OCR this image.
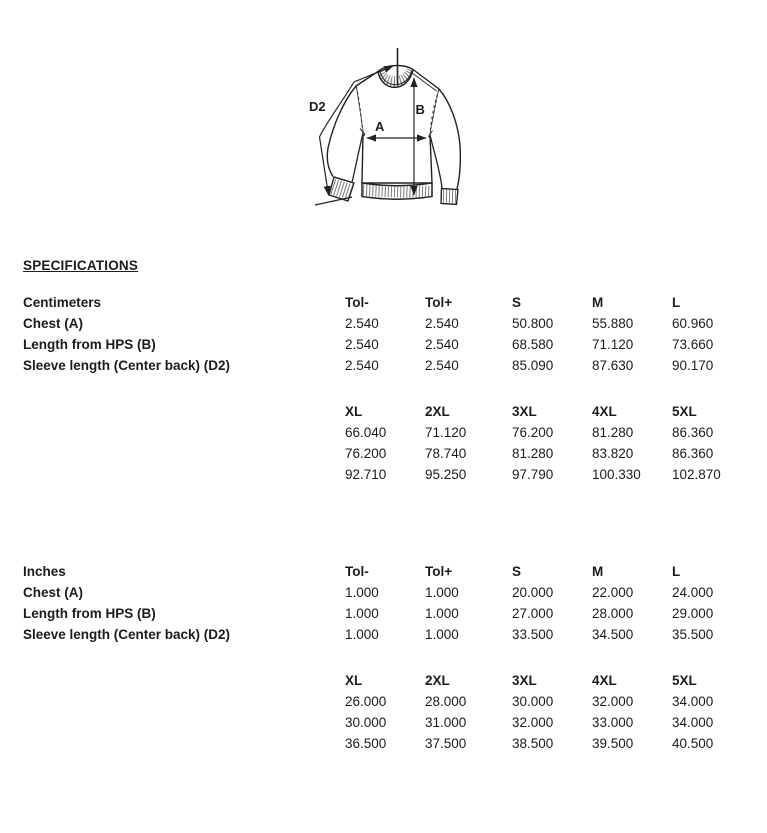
A
B
D2
SPECIFICATIONS
Centimeters	Tol-	Tol+	S	M	L
Chest (A)	2.540	2.540	50.800	55.880	60.960
Length from HPS (B)	2.540	2.540	68.580	71.120	73.660
Sleeve length (Center back) (D2)	2.540	2.540	85.090	87.630	90.170
XL	2XL	3XL	4XL	5XL
66.040	71.120	76.200	81.280	86.360
76.200	78.740	81.280	83.820	86.360
92.710	95.250	97.790	100.330	102.870
Inches	Tol-	Tol+	S	M	L
Chest (A)	1.000	1.000	20.000	22.000	24.000
Length from HPS (B)	1.000	1.000	27.000	28.000	29.000
Sleeve length (Center back) (D2)	1.000	1.000	33.500	34.500	35.500
XL	2XL	3XL	4XL	5XL
26.000	28.000	30.000	32.000	34.000
30.000	31.000	32.000	33.000	34.000
36.500	37.500	38.500	39.500	40.500
